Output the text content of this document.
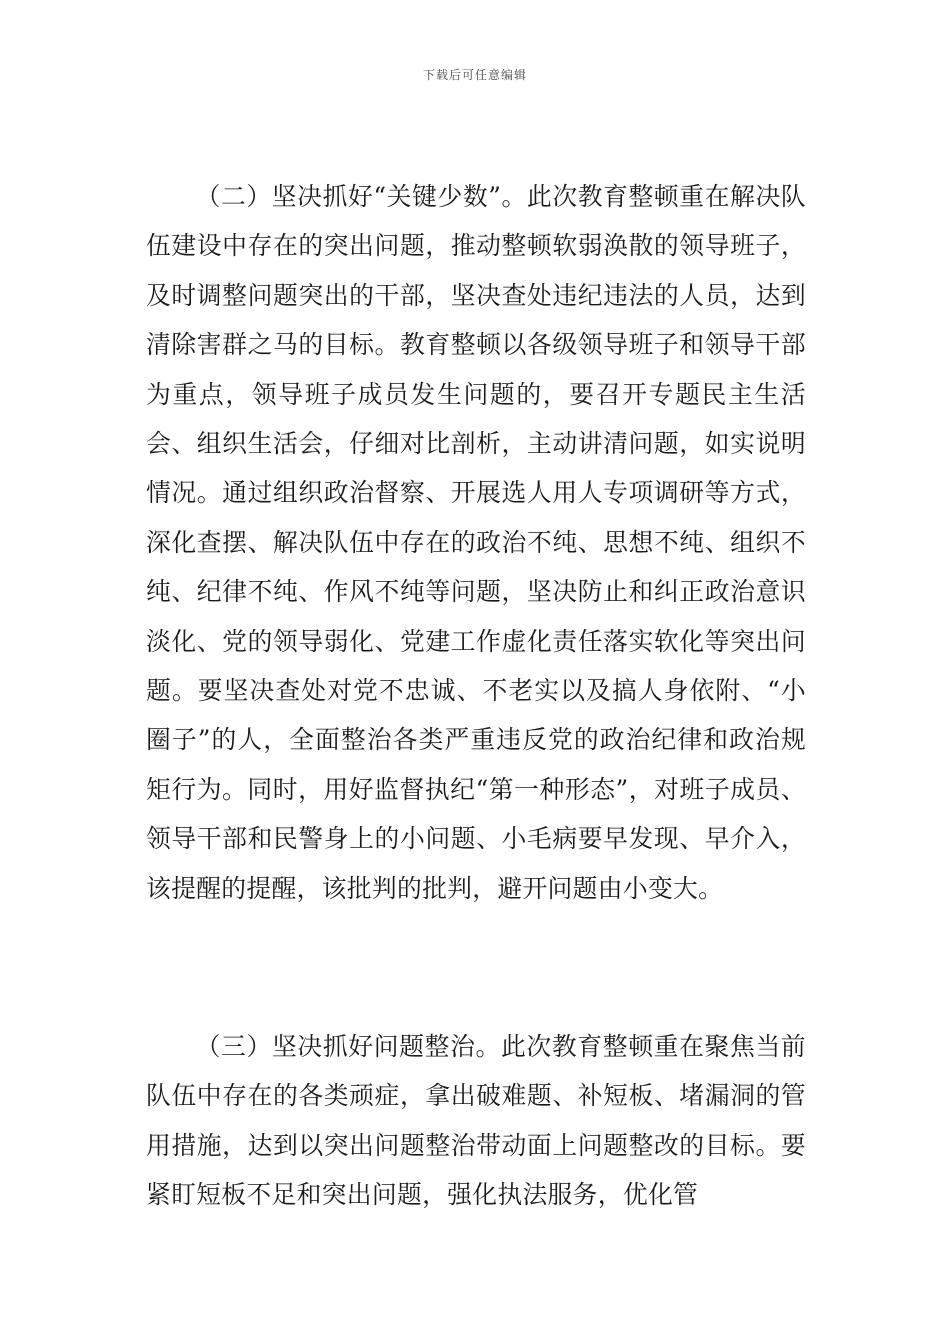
下载后可任意编辑

（二）坚决抓好“关键少数”。此次教育整顿重在解决队伍建设中存在的突出问题，推动整顿软弱涣散的领导班子，及时调整问题突出的干部，坚决查处违纪违法的人员，达到清除害群之马的目标。教育整顿以各级领导班子和领导干部为重点，领导班子成员发生问题的，要召开专题民主生活会、组织生活会，仔细对比剖析，主动讲清问题，如实说明情况。通过组织政治督察、开展选人用人专项调研等方式，深化查摆、解决队伍中存在的政治不纯、思想不纯、组织不纯、纪律不纯、作风不纯等问题，坚决防止和纠正政治意识淡化、党的领导弱化、党建工作虚化责任落实软化等突出问题。要坚决查处对党不忠诚、不老实以及搞人身依附、“小圈子”的人，全面整治各类严重违反党的政治纪律和政治规矩行为。同时，用好监督执纪“第一种形态”，对班子成员、领导干部和民警身上的小问题、小毛病要早发现、早介入，该提醒的提醒，该批判的批判，避开问题由小变大。

（三）坚决抓好问题整治。此次教育整顿重在聚焦当前队伍中存在的各类顽症，拿出破难题、补短板、堵漏洞的管用措施，达到以突出问题整治带动面上问题整改的目标。要紧盯短板不足和突出问题，强化执法服务，优化管
